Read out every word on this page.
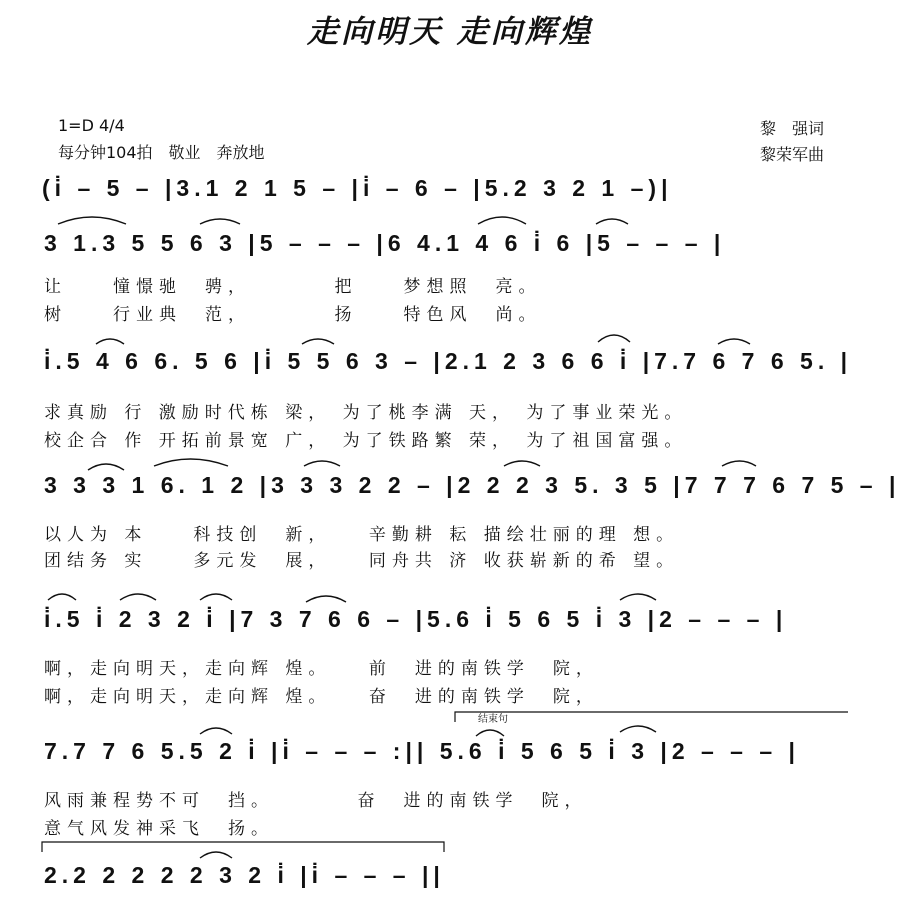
走向明天 走向辉煌
1=D 4/4
每分钟104拍　敬业　奔放地
黎　强词
黎荣军曲
(i̇ – 5 – |3.1 2 1 5 – |i̇ – 6 – |5.2 3 2 1 –)|
3 1.3 5 5 6 3 |5 – – – |6 4.1 4 6 i̇ 6 |5 – – – |
让　　憧憬驰　骋，　　　　把　　梦想照　亮。
树　　行业典　范，　　　　扬　　特色风　尚。
i̇.5 4 6 6. 5 6 |i̇ 5 5 6 3 – |2.1 2 3 6 6 i̇ |7.7 6 7 6 5. |
求真励 行 激励时代栋 梁， 为了桃李满 天， 为了事业荣光。
校企合 作 开拓前景宽 广， 为了铁路繁 荣， 为了祖国富强。
3 3 3 1 6. 1 2 |3 3 3 2 2 – |2 2 2 3 5. 3 5 |7 7 7 6 7 5 – |
以人为 本　　科技创　新，　　辛勤耕 耘 描绘壮丽的理 想。
团结务 实　　多元发　展，　　同舟共 济 收获崭新的希 望。
i̇.5 i̇ 2 3 2 i̇ |7 3 7 6 6 – |5.6 i̇ 5 6 5 i̇ 3 |2 – – – |
啊，走向明天，走向辉 煌。　　前　进的南铁学　院，
啊，走向明天，走向辉 煌。　　奋　进的南铁学　院，
结束句
7.7 7 6 5.5 2 i̇ |i̇ – – – :|| 5.6 i̇ 5 6 5 i̇ 3 |2 – – – |
风雨兼程势不可　挡。　　　　奋　进的南铁学　院，
意气风发神采飞　扬。
2.2 2 2 2 2 3 2 i̇ |i̇ – – – ||
